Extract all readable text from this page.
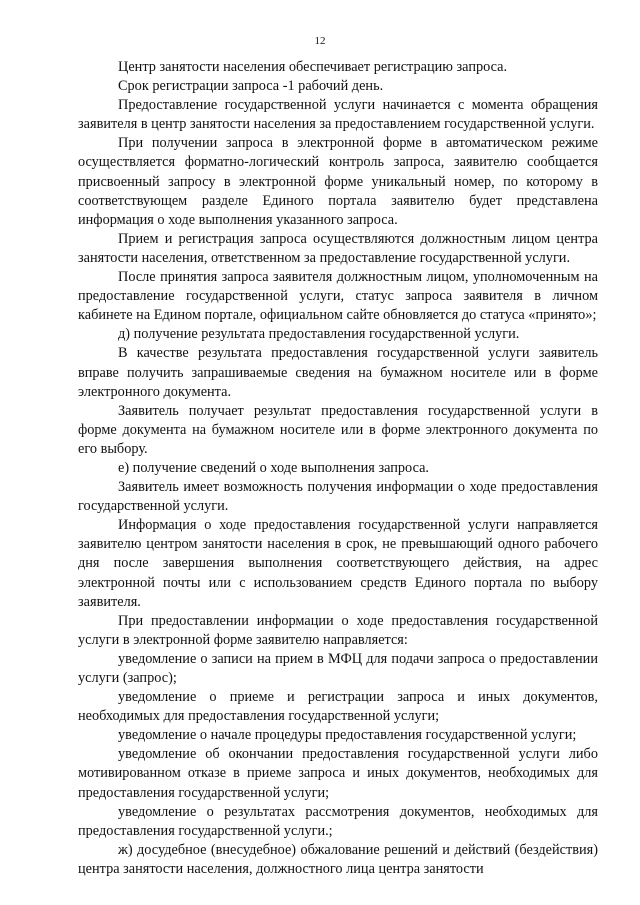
12

Центр занятости населения обеспечивает регистрацию запроса.

Срок регистрации запроса -1 рабочий день.

Предоставление государственной услуги начинается с момента обращения заявителя в центр занятости населения за предоставлением государственной услуги.

При получении запроса в электронной форме в автоматическом режиме осуществляется форматно-логический контроль запроса, заявителю сообщается присвоенный запросу в электронной форме уникальный номер, по которому в соответствующем разделе Единого портала заявителю будет представлена информация о ходе выполнения указанного запроса.

Прием и регистрация запроса осуществляются должностным лицом центра занятости населения, ответственном за предоставление государственной услуги.

После принятия запроса заявителя должностным лицом, уполномоченным на предоставление государственной услуги, статус запроса заявителя в личном кабинете на Едином портале, официальном сайте обновляется до статуса «принято»;

д) получение результата предоставления государственной услуги.

В качестве результата предоставления государственной услуги заявитель вправе получить запрашиваемые сведения на бумажном носителе или в форме электронного документа.

Заявитель получает результат предоставления государственной услуги в форме документа на бумажном носителе или в форме электронного документа по его выбору.

е) получение сведений о ходе выполнения запроса.

Заявитель имеет возможность получения информации о ходе предоставления государственной услуги.

Информация о ходе предоставления государственной услуги направляется заявителю центром занятости населения в срок, не превышающий одного рабочего дня после завершения выполнения соответствующего действия, на адрес электронной почты или с использованием средств Единого портала по выбору заявителя.

При предоставлении информации о ходе предоставления государственной услуги в электронной форме заявителю направляется:

уведомление о записи на прием в МФЦ для подачи запроса о предоставлении услуги (запрос);

уведомление о приеме и регистрации запроса и иных документов, необходимых для предоставления государственной услуги;

уведомление о начале процедуры предоставления государственной услуги;

уведомление об окончании предоставления государственной услуги либо мотивированном отказе в приеме запроса и иных документов, необходимых для предоставления государственной услуги;

уведомление о результатах рассмотрения документов, необходимых для предоставления государственной услуги.;

ж) досудебное (внесудебное) обжалование решений и действий (бездействия) центра занятости населения, должностного лица центра занятости
